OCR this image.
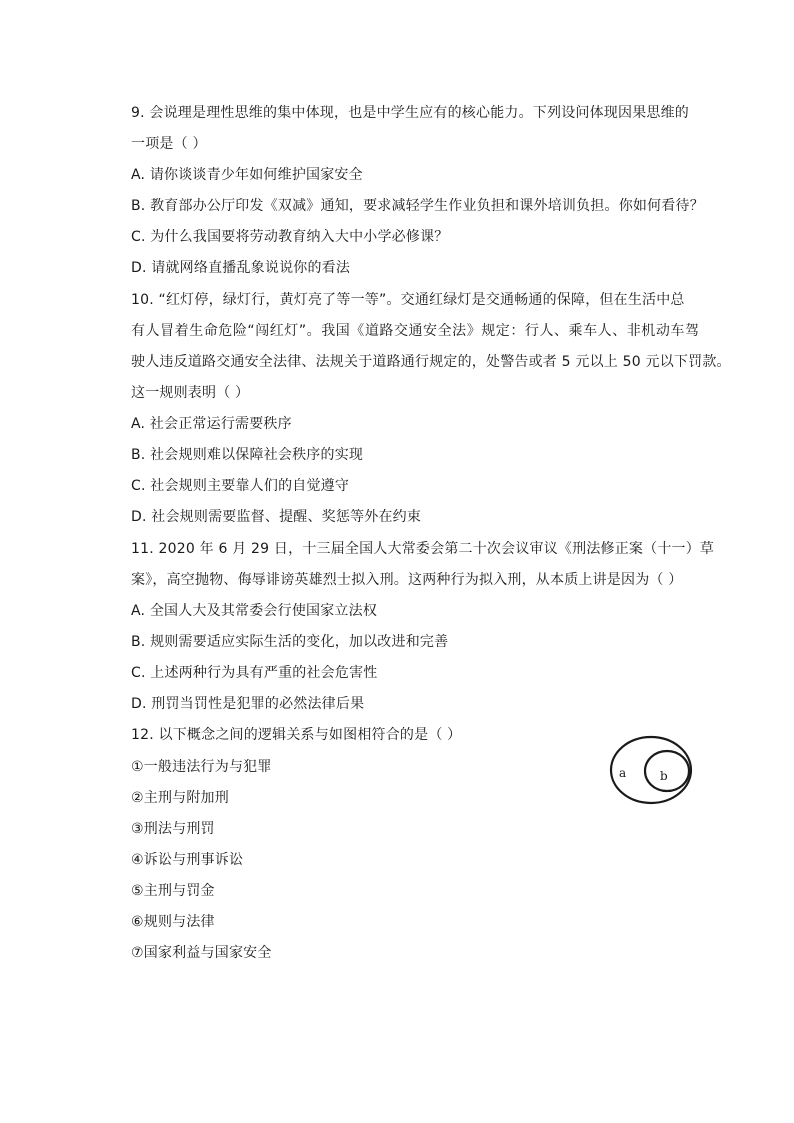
9. 会说理是理性思维的集中体现，也是中学生应有的核心能力。下列设问体现因果思维的
一项是（ ）
A. 请你谈谈青少年如何维护国家安全
B. 教育部办公厅印发《双减》通知，要求减轻学生作业负担和课外培训负担。你如何看待？
C. 为什么我国要将劳动教育纳入大中小学必修课？
D. 请就网络直播乱象说说你的看法
10. “红灯停，绿灯行，黄灯亮了等一等”。交通红绿灯是交通畅通的保障，但在生活中总
有人冒着生命危险“闯红灯”。我国《道路交通安全法》规定：行人、乘车人、非机动车驾
驶人违反道路交通安全法律、法规关于道路通行规定的，处警告或者 5 元以上 50 元以下罚款。
这一规则表明（ ）
A. 社会正常运行需要秩序
B. 社会规则难以保障社会秩序的实现
C. 社会规则主要靠人们的自觉遵守
D. 社会规则需要监督、提醒、奖惩等外在约束
11. 2020 年 6 月 29 日，十三届全国人大常委会第二十次会议审议《刑法修正案（十一）草
案》，高空抛物、侮辱诽谤英雄烈士拟入刑。这两种行为拟入刑，从本质上讲是因为（ ）
A. 全国人大及其常委会行使国家立法权
B. 规则需要适应实际生活的变化，加以改进和完善
C. 上述两种行为具有严重的社会危害性
D. 刑罚当罚性是犯罪的必然法律后果
12. 以下概念之间的逻辑关系与如图相符合的是（ ）
①一般违法行为与犯罪
②主刑与附加刑
③刑法与刑罚
④诉讼与刑事诉讼
⑤主刑与罚金
⑥规则与法律
⑦国家利益与国家安全
a	b
